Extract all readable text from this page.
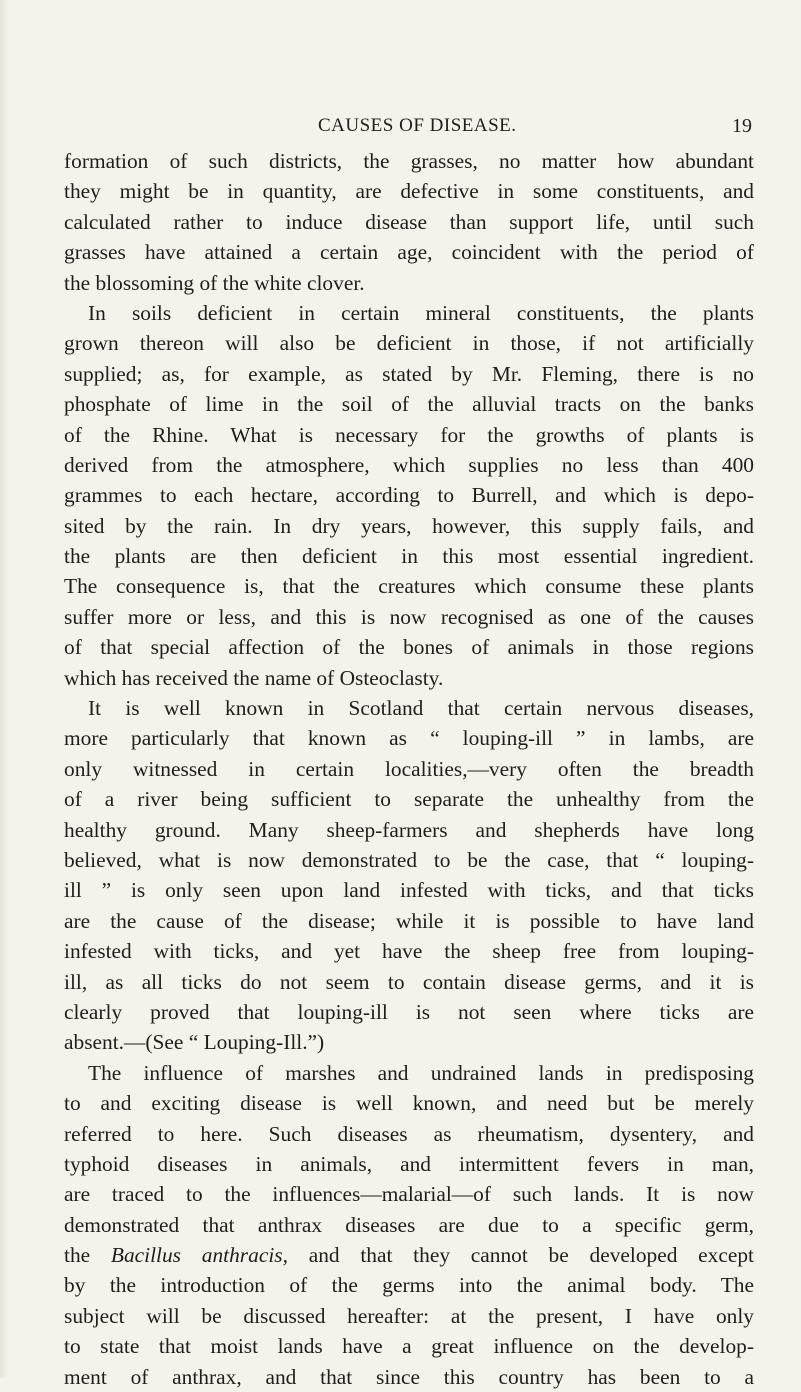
CAUSES OF DISEASE.	19
formation of such districts, the grasses, no matter how abundant
they might be in quantity, are defective in some constituents, and
calculated rather to induce disease than support life, until such
grasses have attained a certain age, coincident with the period of
the blossoming of the white clover.
In soils deficient in certain mineral constituents, the plants
grown thereon will also be deficient in those, if not artificially
supplied; as, for example, as stated by Mr. Fleming, there is no
phosphate of lime in the soil of the alluvial tracts on the banks
of the Rhine. What is necessary for the growths of plants is
derived from the atmosphere, which supplies no less than 400
grammes to each hectare, according to Burrell, and which is depo-
sited by the rain. In dry years, however, this supply fails, and
the plants are then deficient in this most essential ingredient.
The consequence is, that the creatures which consume these plants
suffer more or less, and this is now recognised as one of the causes
of that special affection of the bones of animals in those regions
which has received the name of Osteoclasty.
It is well known in Scotland that certain nervous diseases,
more particularly that known as “ louping-ill ” in lambs, are
only witnessed in certain localities,—very often the breadth
of a river being sufficient to separate the unhealthy from the
healthy ground. Many sheep-farmers and shepherds have long
believed, what is now demonstrated to be the case, that “ louping-
ill ” is only seen upon land infested with ticks, and that ticks
are the cause of the disease; while it is possible to have land
infested with ticks, and yet have the sheep free from louping-
ill, as all ticks do not seem to contain disease germs, and it is
clearly proved that louping-ill is not seen where ticks are
absent.—(See “ Louping-Ill.”)
The influence of marshes and undrained lands in predisposing
to and exciting disease is well known, and need but be merely
referred to here. Such diseases as rheumatism, dysentery, and
typhoid diseases in animals, and intermittent fevers in man,
are traced to the influences—malarial—of such lands. It is now
demonstrated that anthrax diseases are due to a specific germ,
the Bacillus anthracis, and that they cannot be developed except
by the introduction of the germs into the animal body. The
subject will be discussed hereafter: at the present, I have only
to state that moist lands have a great influence on the develop-
ment of anthrax, and that since this country has been to a
